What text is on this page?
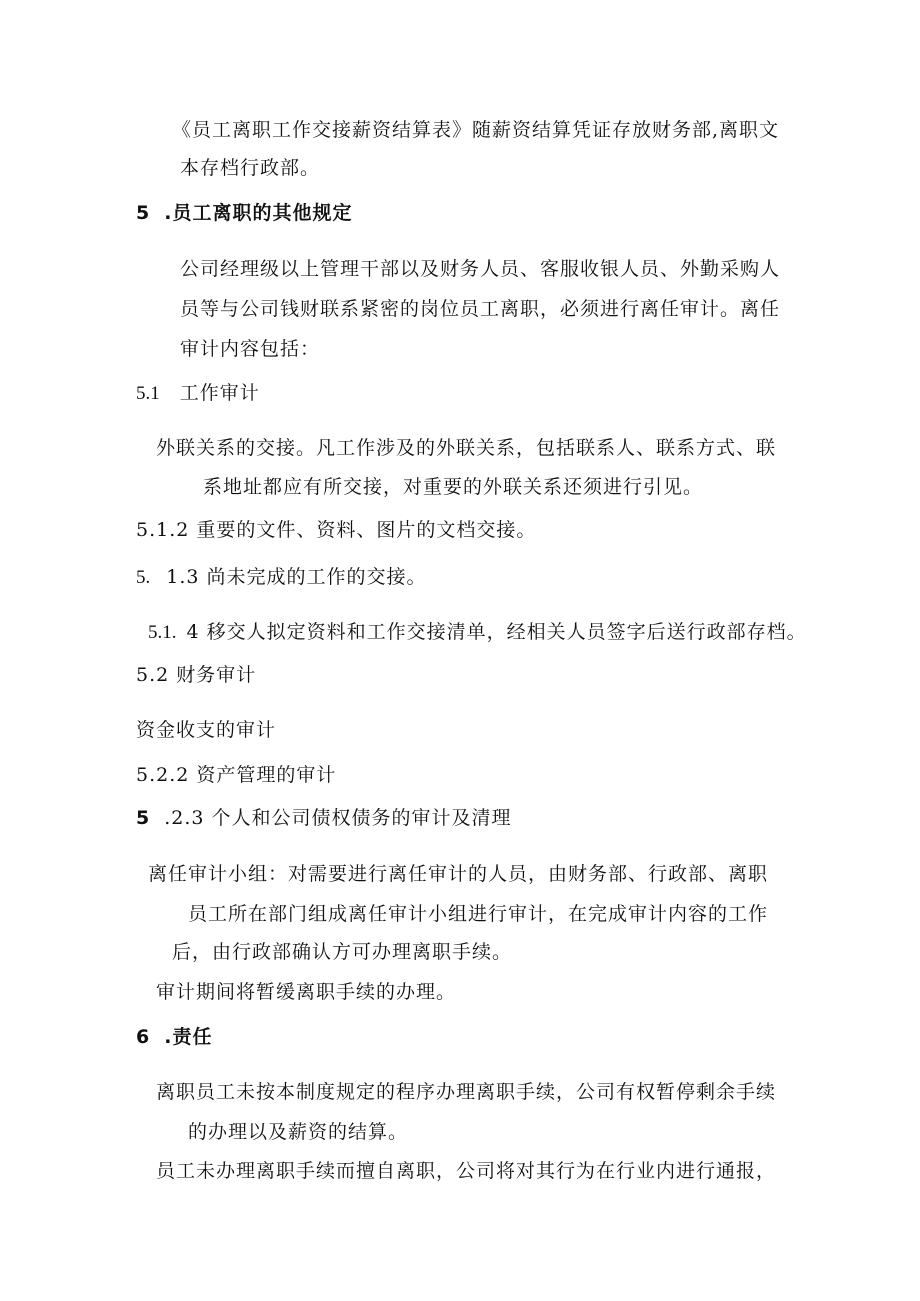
《员工离职工作交接薪资结算表》随薪资结算凭证存放财务部,离职文
本存档行政部。
5 .员工离职的其他规定
公司经理级以上管理干部以及财务人员、客服收银人员、外勤采购人
员等与公司钱财联系紧密的岗位员工离职，必须进行离任审计。离任
审计内容包括：
5.1 工作审计
外联关系的交接。凡工作涉及的外联关系，包括联系人、联系方式、联
系地址都应有所交接，对重要的外联关系还须进行引见。
5.1.2 重要的文件、资料、图片的文档交接。
5. 1.3 尚未完成的工作的交接。
5.1. 4 移交人拟定资料和工作交接清单，经相关人员签字后送行政部存档。
5.2 财务审计
资金收支的审计
5.2.2 资产管理的审计
5 .2.3 个人和公司债权债务的审计及清理
离任审计小组：对需要进行离任审计的人员，由财务部、行政部、离职
员工所在部门组成离任审计小组进行审计，在完成审计内容的工作
后，由行政部确认方可办理离职手续。
审计期间将暂缓离职手续的办理。
6 .责任
离职员工未按本制度规定的程序办理离职手续，公司有权暂停剩余手续
的办理以及薪资的结算。
员工未办理离职手续而擅自离职，公司将对其行为在行业内进行通报，
